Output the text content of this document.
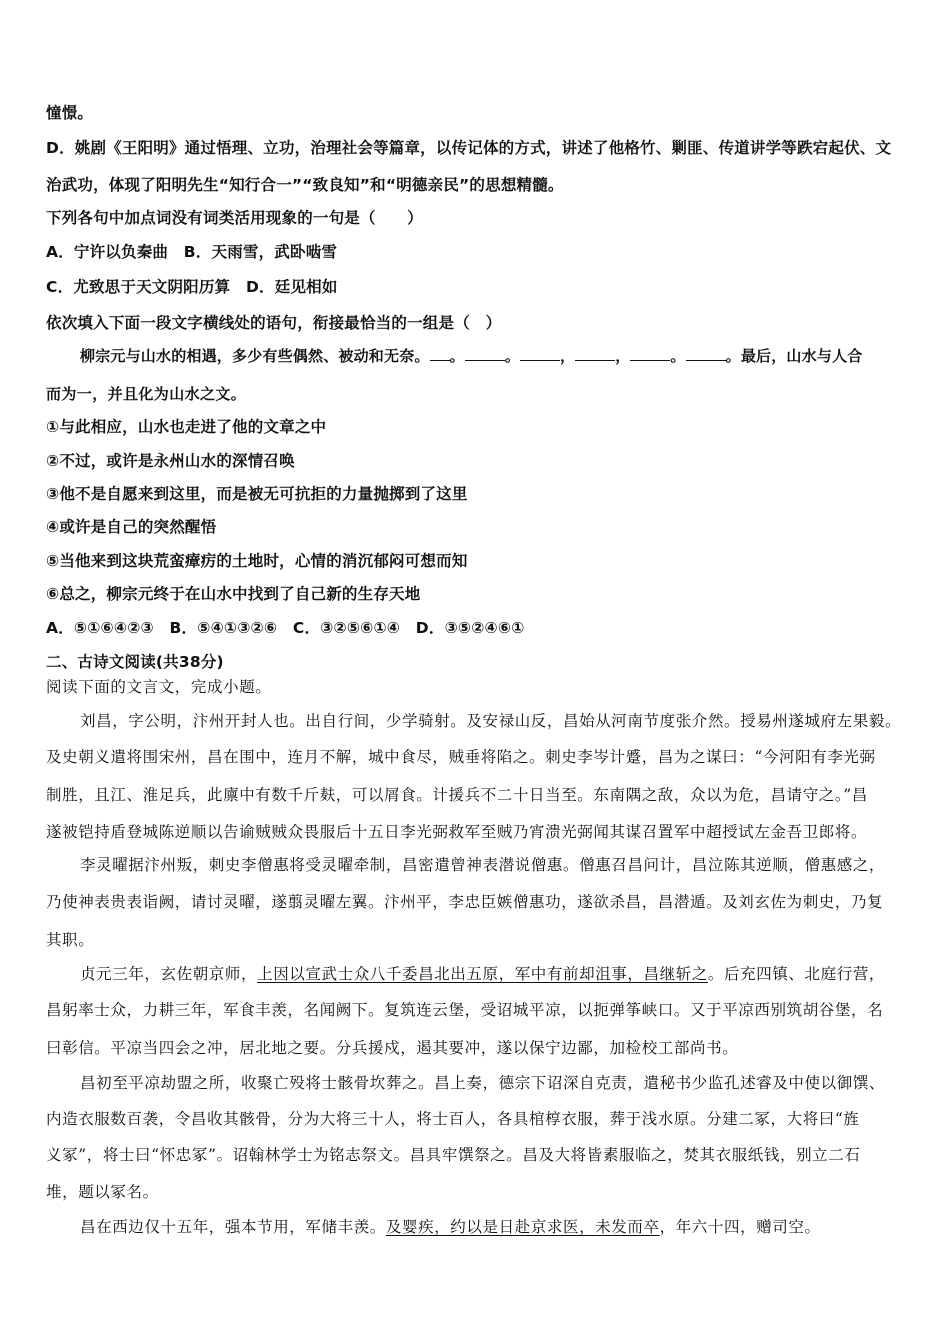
憧憬。
D．姚剧《王阳明》通过悟理、立功，治理社会等篇章，以传记体的方式，讲述了他格竹、剿匪、传道讲学等跌宕起伏、文
治武功，体现了阳明先生“知行合一”“致良知”和“明德亲民”的思想精髓。
下列各句中加点词没有词类活用现象的一句是（　　）
A．宁许以负秦曲　B．天雨雪，武卧啮雪
C．尤致思于天文阴阳历算　D．廷见相如
依次填入下面一段文字横线处的语句，衔接最恰当的一组是（　）
柳宗元与山水的相遇，多少有些偶然、被动和无奈。 。	。	，	，	。	。最后，山水与人合
而为一，并且化为山水之文。
①与此相应，山水也走进了他的文章之中
②不过，或许是永州山水的深情召唤
③他不是自愿来到这里，而是被无可抗拒的力量抛掷到了这里
④或许是自己的突然醒悟
⑤当他来到这块荒蛮瘴疠的土地时，心情的消沉郁闷可想而知
⑥总之，柳宗元终于在山水中找到了自己新的生存天地
A．⑤①⑥④②③　B．⑤④①③②⑥　C．③②⑤⑥①④　D．③⑤②④⑥①
二、古诗文阅读(共38分)
阅读下面的文言文，完成小题。
刘昌，字公明，汴州开封人也。出自行间，少学骑射。及安禄山反，昌始从河南节度张介然。授易州遂城府左果毅。
及史朝义遣将围宋州，昌在围中，连月不解，城中食尽，贼垂将陷之。刺史李岑计蹙，昌为之谋曰：“今河阳有李光弼
制胜，且江、淮足兵，此廪中有数千斤麸，可以屑食。计援兵不二十日当至。东南隅之敌，众以为危，昌请守之。”昌
遂被铠持盾登城陈逆顺以告谕贼贼众畏服后十五日李光弼救军至贼乃宵溃光弼闻其谋召置军中超授试左金吾卫郎将。
李灵曜据汴州叛，刺史李僧惠将受灵曜牵制，昌密遣曾神表潜说僧惠。僧惠召昌问计，昌泣陈其逆顺，僧惠感之，
乃使神表贵表诣阙，请讨灵曜，遂翦灵曜左翼。汴州平，李忠臣嫉僧惠功，遂欲杀昌，昌潜遁。及刘玄佐为刺史，乃复
其职。
贞元三年，玄佐朝京师，上因以宣武士众八千委昌北出五原，军中有前却沮事，昌继斩之。后充四镇、北庭行营，
昌躬率士众，力耕三年，军食丰羡，名闻阙下。复筑连云堡，受诏城平凉，以扼弹筝峡口。又于平凉西别筑胡谷堡，名
曰彰信。平凉当四会之冲，居北地之要。分兵援戍，遏其要冲，遂以保宁边鄙，加检校工部尚书。
昌初至平凉劫盟之所，收聚亡殁将士骸骨坎葬之。昌上奏，德宗下诏深自克责，遣秘书少监孔述睿及中使以御馔、
内造衣服数百袭，令昌收其骸骨，分为大将三十人，将士百人，各具棺椁衣服，葬于浅水原。分建二冢，大将曰“旌
义冢”，将士曰“怀忠冢”。诏翰林学士为铭志祭文。昌具牢馔祭之。昌及大将皆素服临之，焚其衣服纸钱，别立二石
堆，题以冢名。
昌在西边仅十五年，强本节用，军储丰羡。及婴疾，约以是日赴京求医，未发而卒，年六十四，赠司空。
